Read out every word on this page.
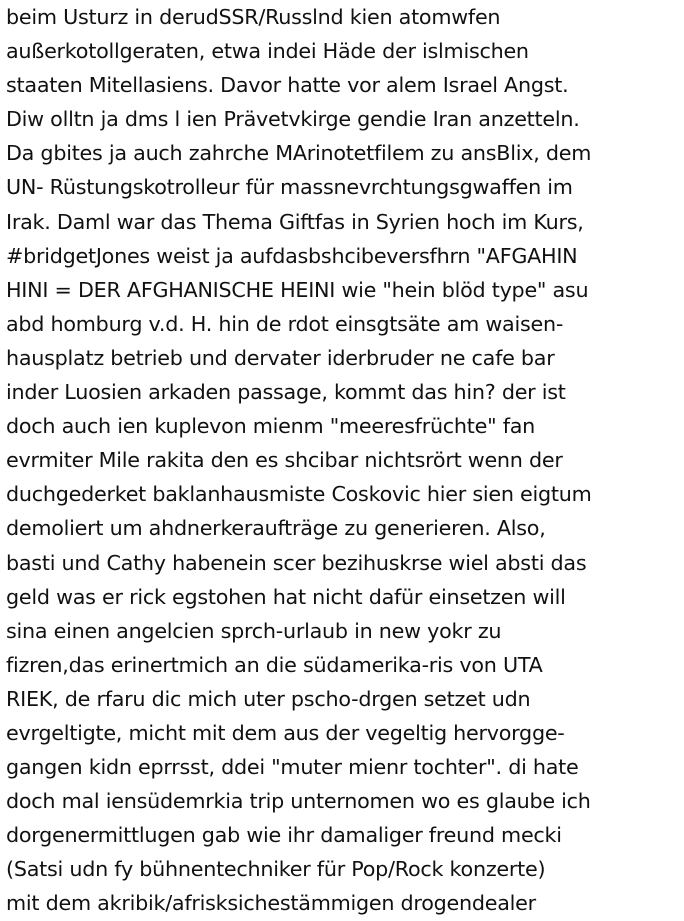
beim Usturz in derudSSR/Russlnd kien atomwfen
außerkotollgeraten, etwa indei Häde der islmischen
staaten Mitellasiens. Davor hatte vor alem Israel Angst.
Diw olltn ja dms l ien Prävetvkirge gendie Iran anzetteln.
Da gbites ja auch zahrche MArinotetfilem zu ansBlix, dem
UN- Rüstungskotrolleur für massnevrchtungsgwaffen im
Irak. Daml war das Thema Giftfas in Syrien hoch im Kurs,
#bridgetJones weist ja aufdasbshcibeversfhrn "AFGAHIN
HINI = DER AFGHANISCHE HEINI wie "hein blöd type" asu
abd homburg v.d. H. hin de rdot einsgtsäte am waisen-
hausplatz betrieb und dervater iderbruder ne cafe bar
inder Luosien arkaden passage, kommt das hin? der ist
doch auch ien kuplevon mienm "meeresfrüchte" fan
evrmiter Mile rakita den es shcibar nichtsrört wenn der
duchgederket baklanhausmiste Coskovic hier sien eigtum
demoliert um ahdnerkeraufträge zu generieren. Also,
basti und Cathy habenein scer bezihuskrse wiel absti das
geld was er rick egstohen hat nicht dafür einsetzen will
sina einen angelcien sprch-urlaub in new yokr zu
fizren,das erinertmich an die südamerika-ris von UTA
RIEK, de rfaru dic mich uter pscho-drgen setzet udn
evrgeltigte, micht mit dem aus der vegeltig hervorgge-
gangen kidn eprrsst, ddei "muter mienr tochter". di hate
doch mal iensüdemrkia trip unternomen wo es glaube ich
dorgenermittlugen gab wie ihr damaliger freund mecki
(Satsi udn fy bühnentechniker für Pop/Rock konzerte)
mit dem akribik/afrisksichestämmigen drogendealer
